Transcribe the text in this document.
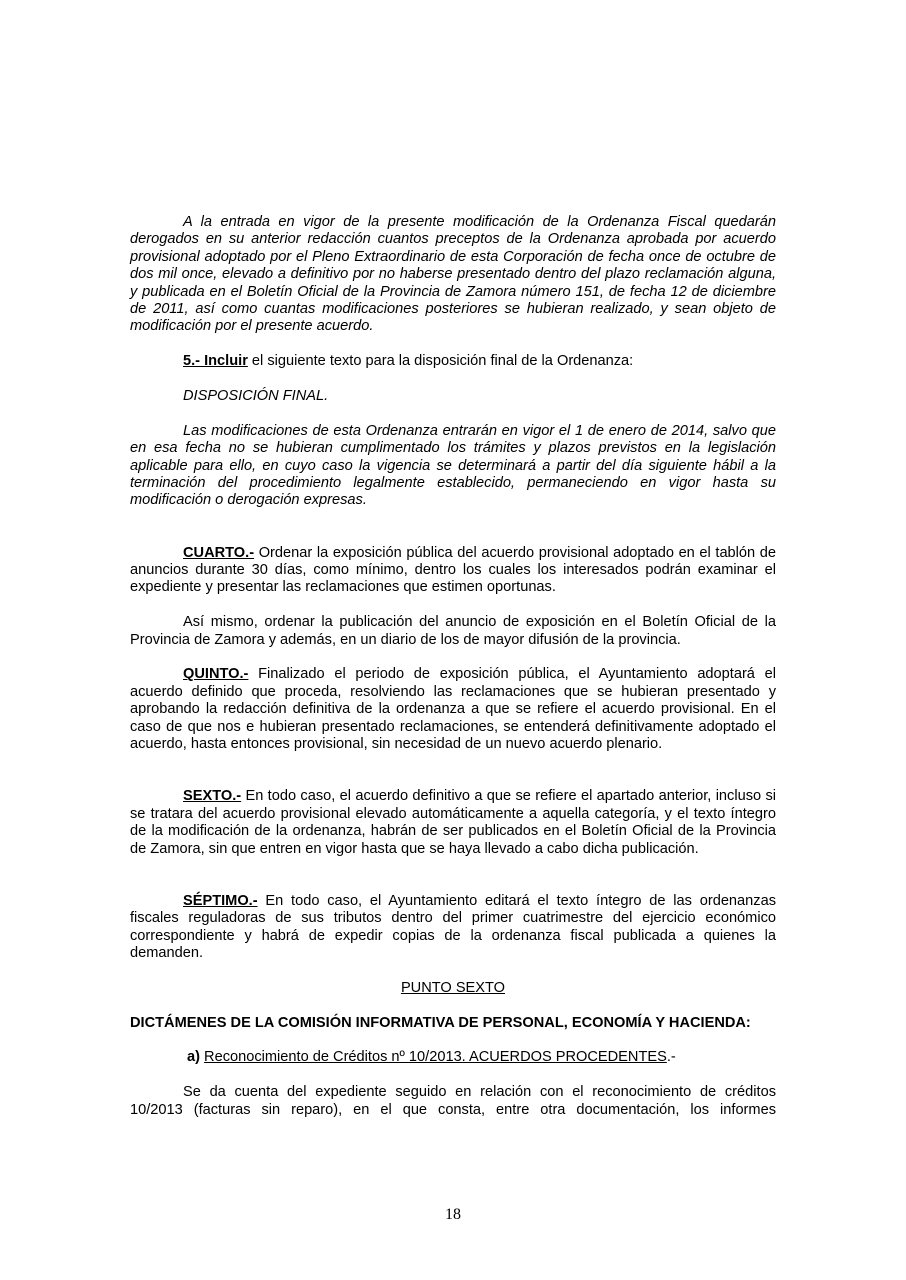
A la entrada en vigor de la presente modificación de la Ordenanza Fiscal quedarán derogados en su anterior redacción cuantos preceptos de la Ordenanza aprobada por acuerdo provisional adoptado por el Pleno Extraordinario de esta Corporación de fecha once de octubre de dos mil once, elevado a definitivo por no haberse presentado dentro del plazo reclamación alguna, y publicada en el Boletín Oficial de la Provincia de Zamora número 151, de fecha 12 de diciembre de 2011, así como cuantas modificaciones posteriores se hubieran realizado, y sean objeto de modificación por el presente acuerdo.

5.- Incluir el siguiente texto para la disposición final de la Ordenanza:

DISPOSICIÓN FINAL.

Las modificaciones de esta Ordenanza entrarán en vigor el 1 de enero de 2014, salvo que en esa fecha no se hubieran cumplimentado los trámites y plazos previstos en la legislación aplicable para ello, en cuyo caso la vigencia se determinará a partir del día siguiente hábil a la terminación del procedimiento legalmente establecido, permaneciendo en vigor hasta su modificación o derogación expresas.

CUARTO.- Ordenar la exposición pública del acuerdo provisional adoptado en el tablón de anuncios durante 30 días, como mínimo, dentro los cuales los interesados podrán examinar el expediente y presentar las reclamaciones que estimen oportunas.

Así mismo, ordenar la publicación del anuncio de exposición en el Boletín Oficial de la Provincia de Zamora y además, en un diario de los de mayor difusión de la provincia.

QUINTO.- Finalizado el periodo de exposición pública, el Ayuntamiento adoptará el acuerdo definido que proceda, resolviendo las reclamaciones que se hubieran presentado y aprobando la redacción definitiva de la ordenanza a que se refiere el acuerdo provisional. En el caso de que nos e hubieran presentado reclamaciones, se entenderá definitivamente adoptado el acuerdo, hasta entonces provisional, sin necesidad de un nuevo acuerdo plenario.

SEXTO.- En todo caso, el acuerdo definitivo a que se refiere el apartado anterior, incluso si se tratara del acuerdo provisional elevado automáticamente a aquella categoría, y el texto íntegro de la modificación de la ordenanza, habrán de ser publicados en el Boletín Oficial de la Provincia de Zamora, sin que entren en vigor hasta que se haya llevado a cabo dicha publicación.

SÉPTIMO.- En todo caso, el Ayuntamiento editará el texto íntegro de las ordenanzas fiscales reguladoras de sus tributos dentro del primer cuatrimestre del ejercicio económico correspondiente y habrá de expedir copias de la ordenanza fiscal publicada a quienes la demanden.

PUNTO SEXTO

DICTÁMENES DE LA COMISIÓN INFORMATIVA DE PERSONAL, ECONOMÍA Y HACIENDA:

a) Reconocimiento de Créditos nº 10/2013. ACUERDOS PROCEDENTES.-

Se da cuenta del expediente seguido en relación con el reconocimiento de créditos 10/2013 (facturas sin reparo), en el que consta, entre otra documentación, los informes

18
